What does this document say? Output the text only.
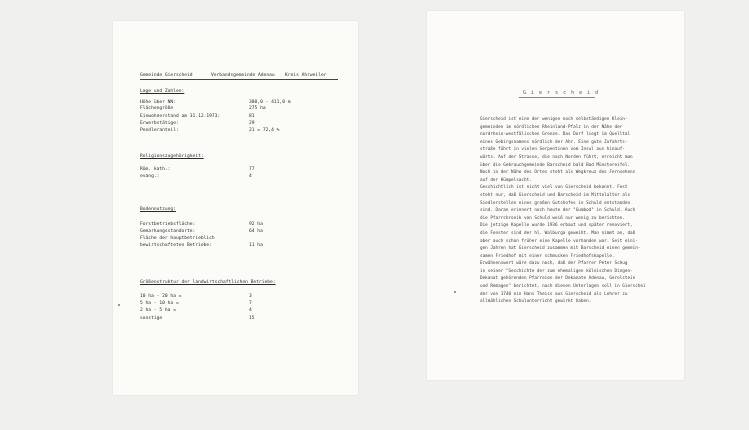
Gemeinde Gierscheid	Verbandsgemeinde Adenau Kreis Ahrweiler
Lage und Zahlen:
Höhe über NN:	380,0 - 411,0 m
Flächengröße	275 ha
Einwohnerstand am 31.12.1973:	81
Erwerbstätige:	29
Pendleranteil:	21 = 72,4 %
Religionszugehörigkeit:
Röm. kath.:	77
evang.:	4
Bodennutzung:
Forstbetriebsfläche:	92 ha
Gemarkungsstandorte:	64 ha
Fläche der hauptbetrieblich
bewirtschafteten Betriebe:	11 ha
Größenstruktur der landwirtschaftlichen Betriebe:
10 ha - 20 ha =	3
5 ha - 10 ha =	7
2 ha - 5 ha =	4
sonstige	15
G i e r s c h e i d

Gierscheid ist eine der wenigen noch selbständigen Klein-

gemeinden im nördlichen Rheinland-Pfalz in der Nähe der

nordrhein-westfälischen Grenze. Das Dorf liegt im Quelltal

eines Gebirgsnamens nördlich der Ahr. Eine gute Zufahrts-

straße führt in vielen Serpentinen vom Insul aus hinauf-

wärts. Auf der Strasse, die nach Norden führt, erreicht man

über die Gebrauchgemeinde Barscheid bald Bad Münstereifel.

Noch in der Nähe des Ortes steht als Wegkreuz des Fernsehens

auf der Hümpelsacht.

Geschichtlich ist nicht viel von Gierscheid bekannt. Fest

steht nur, daß Gierscheid und Barscheid im Mittelalter als

Siedlerstellen eines großen Gutshofes in Schuld entstanden

sind. Daran erinnert noch heute der "Gumbod" in Schuld. Auch

die Pfarrchronik von Schuld weiß nur wenig zu berichten.

Die jetzige Kapelle wurde 1936 erbaut und später renoviert,

die Fenster sind der hl. Walburga geweiht. Man nimmt an, daß

aber auch schon früher eine Kapelle vorhanden war. Seit eini-

gen Jahren hat Gierscheid zusammen mit Barscheid einen gemein-

samen Friedhof mit einer schmucken Friedhofskapelle.

Erwähnenswert wäre dazu noch, daß der Pfarrer Peter Schug

in seiner "Geschichte der zum ehemaligen kölnischen Dingen-

Dekanat gehörenden Pfarreien der Dekanate Adenau, Gerolstein

und Remagen" berichtet, nach diesen Unterlagen soll in Gierschei

der von 1740 ein Hans Theiss aus Gierscheid als Lehrer zu

allmählichen Schulunterricht gewirkt haben.
